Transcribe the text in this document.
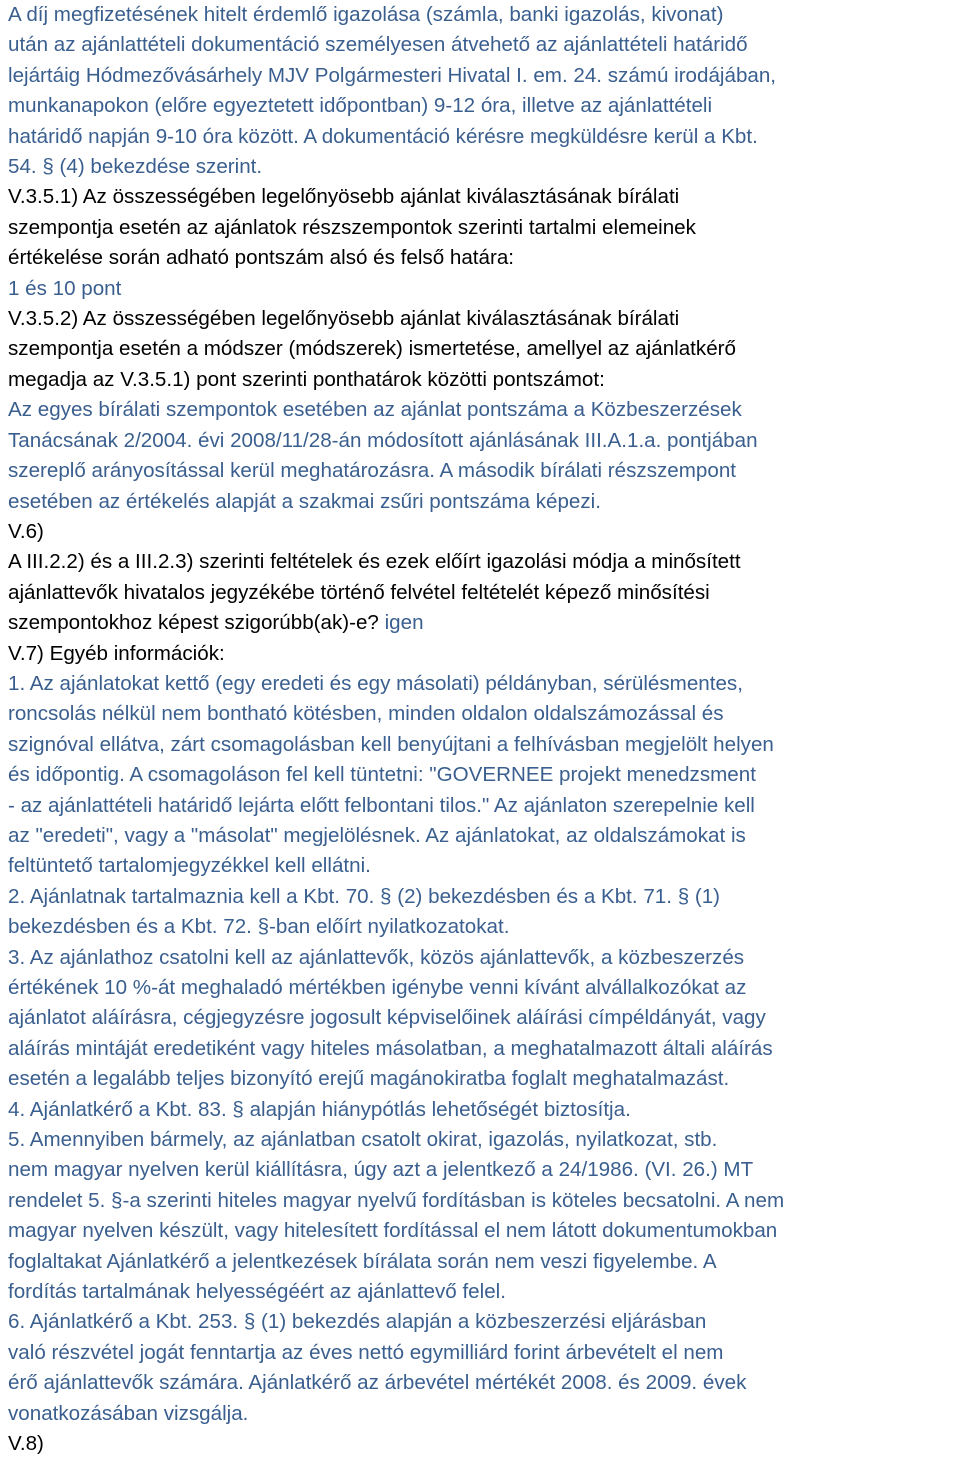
A díj megfizetésének hitelt érdemlő igazolása (számla, banki igazolás, kivonat)
után az ajánlattételi dokumentáció személyesen átvehető az ajánlattételi határidő
lejártáig Hódmezővásárhely MJV Polgármesteri Hivatal I. em. 24. számú irodájában,
munkanapokon (előre egyeztetett időpontban) 9-12 óra, illetve az ajánlattételi
határidő napján 9-10 óra között. A dokumentáció kérésre megküldésre kerül a Kbt.
54. § (4) bekezdése szerint.
V.3.5.1) Az összességében legelőnyösebb ajánlat kiválasztásának bírálati
szempontja esetén az ajánlatok részszempontok szerinti tartalmi elemeinek
értékelése során adható pontszám alsó és felső határa:
1 és 10 pont
V.3.5.2) Az összességében legelőnyösebb ajánlat kiválasztásának bírálati
szempontja esetén a módszer (módszerek) ismertetése, amellyel az ajánlatkérő
megadja az V.3.5.1) pont szerinti ponthatárok közötti pontszámot:
Az egyes bírálati szempontok esetében az ajánlat pontszáma a Közbeszerzések
Tanácsának 2/2004. évi 2008/11/28-án módosított ajánlásának III.A.1.a. pontjában
szereplő arányosítással kerül meghatározásra. A második bírálati részszempont
esetében az értékelés alapját a szakmai zsűri pontszáma képezi.
V.6)
A III.2.2) és a III.2.3) szerinti feltételek és ezek előírt igazolási módja a minősített
ajánlattevők hivatalos jegyzékébe történő felvétel feltételét képező minősítési
szempontokhoz képest szigorúbb(ak)-e? igen
V.7) Egyéb információk:
1. Az ajánlatokat kettő (egy eredeti és egy másolati) példányban, sérülésmentes,
roncsolás nélkül nem bontható kötésben, minden oldalon oldalszámozással és
szignóval ellátva, zárt csomagolásban kell benyújtani a felhívásban megjelölt helyen
és időpontig. A csomagoláson fel kell tüntetni: "GOVERNEE projekt menedzsment
- az ajánlattételi határidő lejárta előtt felbontani tilos." Az ajánlaton szerepelnie kell
az "eredeti", vagy a "másolat" megjelölésnek. Az ajánlatokat, az oldalszámokat is
feltüntető tartalomjegyzékkel kell ellátni.
2. Ajánlatnak tartalmaznia kell a Kbt. 70. § (2) bekezdésben és a Kbt. 71. § (1)
bekezdésben és a Kbt. 72. §-ban előírt nyilatkozatokat.
3. Az ajánlathoz csatolni kell az ajánlattevők, közös ajánlattevők, a közbeszerzés
értékének 10 %-át meghaladó mértékben igénybe venni kívánt alvállalkozókat az
ajánlatot aláírásra, cégjegyzésre jogosult képviselőinek aláírási címpéldányát, vagy
aláírás mintáját eredetiként vagy hiteles másolatban, a meghatalmazott általi aláírás
esetén a legalább teljes bizonyító erejű magánokiratba foglalt meghatalmazást.
4. Ajánlatkérő a Kbt. 83. § alapján hiánypótlás lehetőségét biztosítja.
5. Amennyiben bármely, az ajánlatban csatolt okirat, igazolás, nyilatkozat, stb.
nem magyar nyelven kerül kiállításra, úgy azt a jelentkező a 24/1986. (VI. 26.) MT
rendelet 5. §-a szerinti hiteles magyar nyelvű fordításban is köteles becsatolni. A nem
magyar nyelven készült, vagy hitelesített fordítással el nem látott dokumentumokban
foglaltakat Ajánlatkérő a jelentkezések bírálata során nem veszi figyelembe. A
fordítás tartalmának helyességéért az ajánlattevő felel.
6. Ajánlatkérő a Kbt. 253. § (1) bekezdés alapján a közbeszerzési eljárásban
való részvétel jogát fenntartja az éves nettó egymilliárd forint árbevételt el nem
érő ajánlattevők számára. Ajánlatkérő az árbevétel mértékét 2008. és 2009. évek
vonatkozásában vizsgálja.
V.8)
